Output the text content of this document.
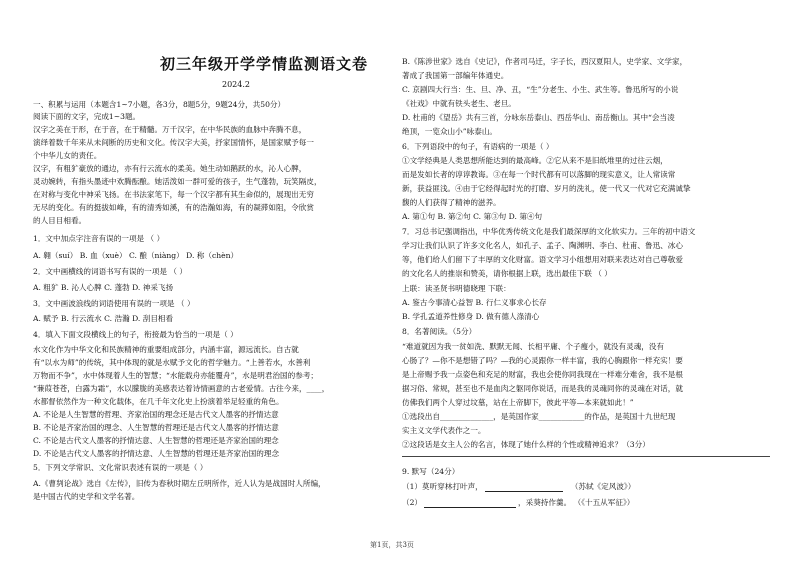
初三年级开学学情监测语文卷
2024.2
一、积累与运用（本题含1~7小题，各3分，8题5分，9题24分，共50分）
阅读下面的文字，完成1~3题。
汉字之美在于形，在于音，在于精髓。万千汉字，在中华民族的血脉中奔腾不息，
演绎着数千年来从未间断的历史和文化。传汉字大美，抒家国情怀，是国家赋予每一
个中华儿女的责任。
汉字，有粗犷豪放的通边，亦有行云流水的柔美。她生动如鹅跃的水，沁人心脾，
灵动婉转，有指头墨迹中欢腾酝酿。她活泼如一群可爱的孩子，生气蓬勃，玩笑隔皮，
在对称与变化中神采飞扬。在书法家笔下，每一个汉字都有其生命似的，展现出无穷
无尽的变化。有的挺拔如峰，有的清秀如溪，有的浩瀚如海，有的凝滞如阻，令欣赏
的人目目相看。
1．文中加点字注音有误的一项是 （ ）
A. 翱（suí） B. 血（xuè） C. 酿（niàng） D. 称（chèn）
2．文中画横线的词语书写有误的一项是 （ ）
A. 粗犷 B. 沁人心脾 C. 蓬勃 D. 神采飞扬
3．文中画波浪线的词语使用有误的一项是 （ ）
A. 赋予 B. 行云流水 C. 浩瀚 D. 刮目相看
4．填入下面文段横线上的句子，衔接最为恰当的一项是（ ）
水文化作为中华文化和民族精神的重要组成部分，内涵丰富，源远流长。自古就
有“以水为师”的传统，其中体现的就是水赋予文化的哲学魅力。“上善若水，水善利
万物而不争”，水中体现着人生的智慧；“水能载舟亦能覆舟”，水是明君治国的参考；
“蒹葭苍苍，白露为霜”，水以朦胧的美感表达着诗情画意的古老爱情。古往今来，____，
水都督依然作为一种文化载体，在几千年文化史上扮演着举足轻重的角色。
A. 不论是人生智慧的哲理、齐家治国的理念还是古代文人墨客的抒情达意
B. 不论是齐家治国的理念、人生智慧的哲理还是古代文人墨客的抒情达意
C. 不论是古代文人墨客的抒情达意、人生智慧的哲理还是齐家治国的理念
D. 不论是古代文人墨客的抒情达意、人生智慧的哲理还是齐家治国的理念
5．下列文学常识、文化常识表述有误的一项是（ ）
A.《曹刿论战》选自《左传》，旧传为春秋时期左丘明所作，近人认为是战国时人所编，
是中国古代的史学和文学名著。
B.《陈涉世家》选自《史记》，作者司马迁，字子长，西汉夏阳人，史学家、文学家，
著成了我国第一部编年体通史。
C. 京剧四大行当：生、旦、净、丑，“生”分老生、小生、武生等。鲁迅所写的小说
《社戏》中就有铁头老生、老旦。
D. 杜甫的《望岳》共有三首，分咏东岳泰山、西岳华山、南岳衡山。其中“会当凌
绝顶，一览众山小”咏泰山。
6．下列语段中的句子，有语病的一项是（ ）
①文学经典是人类思想所能达到的最高峰。②它从来不是旧纸堆里的过往云烟，
而是发如长者的谆谆教诲。③在每一个时代都有可以落脚的现实意义，让人常读常
新，获益匪浅。④由于它经得起时光的打磨、岁月的洗礼，使一代又一代对它充满诚挚
馥的人们获得了精神的滋养。
A. 第①句 B. 第②句 C. 第③句 D. 第④句
7．习总书记强调指出，中华优秀传统文化是我们最深厚的文化软实力。三年的初中语文
学习让我们认识了许多文化名人，如孔子、孟子、陶渊明、李白、杜甫、鲁迅、冰心
等，他们给人们留下了丰厚的文化财富。语文学习小组想用对联来表达对自己尊敬爱
的文化名人的推崇和赞美，请你根据上联，选出最佳下联 （ ）
上联：读圣贤书明德晓理 下联：
A. 鉴古今事清心益智 B. 行仁义事求心长存
B. 学孔孟道养性修身 D. 做有德人涤清心
8．名著阅读。（5分）
“难道就因为我一贫如洗、默默无闻、长相平庸、个子瘦小，就没有灵魂，没有
心肠了？—你不是想错了吗？—我的心灵跟你一样丰富，我的心胸跟你一样充实！要
是上帝赐予我一点姿色和充足的财富，我也会使你同我现在一样难分难舍，我不是根
据习俗、常规，甚至也不是血肉之躯同你说话，而是我的灵魂同你的灵魂在对话，就
仿佛我们两个人穿过坟墓，站在上帝脚下，彼此平等—本来就如此！”
①选段出自______________，是英国作家____________的作品，是英国十九世纪现
实主义文学代表作之一。
②这段话是女主人公的名言，体现了她什么样的个性或精神追求？（3分）
9. 默写（24分）
（1）莫听穿林打叶声，	（苏轼《定风波》）
（2）	，采葵持作羹。 （《十五从军征》）
第1页，共3页
